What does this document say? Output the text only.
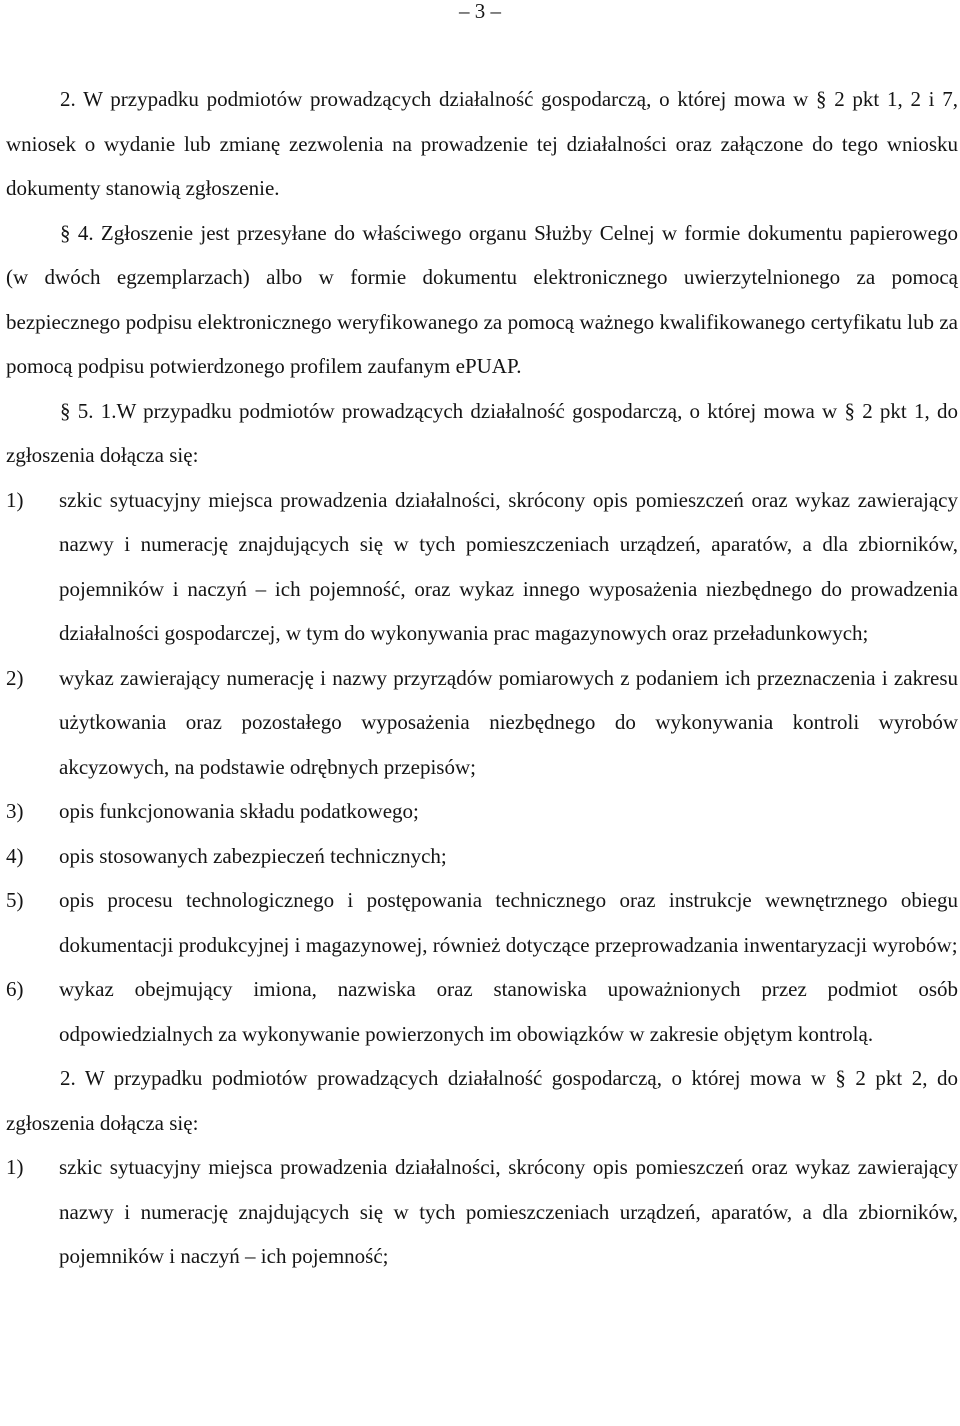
– 3 –

2. W przypadku podmiotów prowadzących działalność gospodarczą, o której mowa w § 2 pkt 1, 2 i 7, wniosek o wydanie lub zmianę zezwolenia na prowadzenie tej działalności oraz załączone do tego wniosku dokumenty stanowią zgłoszenie.

§ 4. Zgłoszenie jest przesyłane do właściwego organu Służby Celnej w formie dokumentu papierowego (w dwóch egzemplarzach) albo w formie dokumentu elektronicznego uwierzytelnionego za pomocą bezpiecznego podpisu elektronicznego weryfikowanego za pomocą ważnego kwalifikowanego certyfikatu lub za pomocą podpisu potwierdzonego profilem zaufanym ePUAP.

§ 5. 1.W przypadku podmiotów prowadzących działalność gospodarczą, o której mowa w § 2 pkt 1, do zgłoszenia dołącza się:

1)	szkic sytuacyjny miejsca prowadzenia działalności, skrócony opis pomieszczeń oraz wykaz zawierający nazwy i numerację znajdujących się w tych pomieszczeniach urządzeń, aparatów, a dla zbiorników, pojemników i naczyń – ich pojemność, oraz wykaz innego wyposażenia niezbędnego do prowadzenia działalności gospodarczej, w tym do wykonywania prac magazynowych oraz przeładunkowych;
2)	wykaz zawierający numerację i nazwy przyrządów pomiarowych z podaniem ich przeznaczenia i zakresu użytkowania oraz pozostałego wyposażenia niezbędnego do wykonywania kontroli wyrobów akcyzowych, na podstawie odrębnych przepisów;
3)	opis funkcjonowania składu podatkowego;
4)	opis stosowanych zabezpieczeń technicznych;
5)	opis procesu technologicznego i postępowania technicznego oraz instrukcje wewnętrznego obiegu dokumentacji produkcyjnej i magazynowej, również dotyczące przeprowadzania inwentaryzacji wyrobów;
6)	wykaz obejmujący imiona, nazwiska oraz stanowiska upoważnionych przez podmiot osób odpowiedzialnych za wykonywanie powierzonych im obowiązków w zakresie objętym kontrolą.

2. W przypadku podmiotów prowadzących działalność gospodarczą, o której mowa w § 2 pkt 2, do zgłoszenia dołącza się:

1)	szkic sytuacyjny miejsca prowadzenia działalności, skrócony opis pomieszczeń oraz wykaz zawierający nazwy i numerację znajdujących się w tych pomieszczeniach urządzeń, aparatów, a dla zbiorników, pojemników i naczyń – ich pojemność;
